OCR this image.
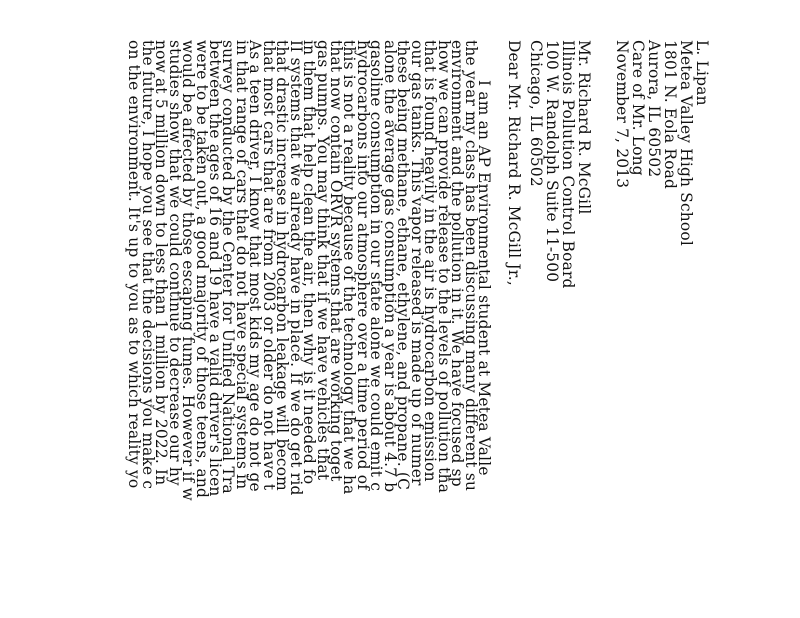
L. Lipan
Metea Valley High School
1801 N. Eola Road
Aurora, IL 60502
Care of Mr. Long
November 7, 2013
Mr. Richard R. McGill
Illinois Pollution Control Board
100 W. Randolph Suite 11-500
Chicago, IL 60502
Dear Mr. Richard R. McGill Jr.,
I am an AP Environmental student at Metea Valle
the year my class has been discussing many different su
environment and the pollution in it. We have focused sp
how we can provide release to the levels of pollution tha
that is found heavily in the air is hydrocarbon emission
our gas tanks. This vapor released is made up of numer
these being methane, ethane, ethylene, and propane. (C
alone the average gas consumption a year is about 4.7 b
gasoline consumption in our state alone we could emit c
hydrocarbons into our atmosphere over a time period of
this is not a reality because of the technology that we ha
that now contain ORVR systems that are working toget
gas pumps. You may think that if we have vehicles that
in them that help clean the air, then why is it needed fo
II systems that we already have in place. If we do get rid
that drastic increase in hydrocarbon leakage will becom
that most cars that are from 2003 or older do not have t
As a teen driver, I know that most kids my age do not ge
in that range of cars that do not have special systems in
survey conducted by the Center for Unified National Tra
between the ages of 16 and 19 have a valid driver's licen
were to be taken out, a good majority of those teens, and
would be affected by those escaping fumes. However if w
studies show that we could continue to decrease our hy
now at 5 million down to less than 1 million by 2022. In
the future, I hope you see that the decisions you make c
on the environment. It's up to you as to which reality yo
